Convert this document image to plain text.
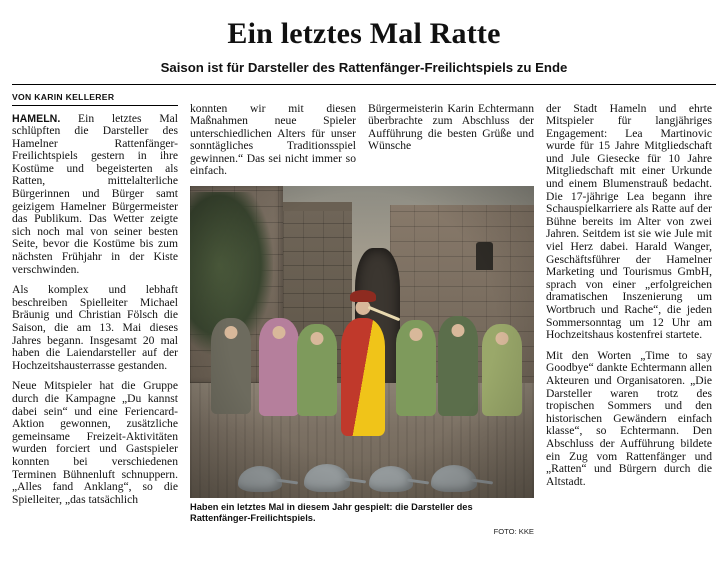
Ein letztes Mal Ratte
Saison ist für Darsteller des Rattenfänger-Freilichtspiels zu Ende
VON KARIN KELLERER

HAMELN. Ein letztes Mal schlüpften die Darsteller des Hamelner Rattenfänger-Freilichtspiels gestern in ihre Kostüme und begeisterten als Ratten, mittelalterliche Bürgerinnen und Bürger samt geizigem Hamelner Bürgermeister das Publikum. Das Wetter zeigte sich noch mal von seiner besten Seite, bevor die Kostüme bis zum nächsten Frühjahr in der Kiste verschwinden.

Als komplex und lebhaft beschreiben Spielleiter Michael Bräunig und Christian Fölsch die Saison, die am 13. Mai dieses Jahres begann. Insgesamt 20 mal haben die Laiendarsteller auf der Hochzeitshausterrasse gestanden.

Neue Mitspieler hat die Gruppe durch die Kampagne „Du kannst dabei sein“ und eine Feriencard-Aktion gewonnen, zusätzliche gemeinsame Freizeit-Aktivitäten wurden forciert und Gastspieler konnten bei verschiedenen Terminen Bühnenluft schnuppern. „Alles fand Anklang“, so die Spielleiter, „das tatsächlich

konnten wir mit diesen Maßnahmen neue Spieler unterschiedlichen Alters für unser sonntägliches Traditionsspiel gewinnen.“ Das sei nicht immer so einfach.

Bürgermeisterin Karin Echtermann überbrachte zum Abschluss der Aufführung die besten Grüße und Wünsche

Haben ein letztes Mal in diesem Jahr gespielt: die Darsteller des Rattenfänger-Freilichtspiels.
FOTO: KKE

der Stadt Hameln und ehrte Mitspieler für langjähriges Engagement: Lea Martinovic wurde für 15 Jahre Mitgliedschaft und Jule Giesecke für 10 Jahre Mitgliedschaft mit einer Urkunde und einem Blumenstrauß bedacht. Die 17-jährige Lea begann ihre Schauspielkarriere als Ratte auf der Bühne bereits im Alter von zwei Jahren. Seitdem ist sie wie Jule mit viel Herz dabei. Harald Wanger, Geschäftsführer der Hamelner Marketing und Tourismus GmbH, sprach von einer „erfolgreichen dramatischen Inszenierung um Wortbruch und Rache“, die jeden Sommersonntag um 12 Uhr am Hochzeitshaus kostenfrei startete.

Mit den Worten „Time to say Goodbye“ dankte Echtermann allen Akteuren und Organisatoren. „Die Darsteller waren trotz des tropischen Sommers und den historischen Gewändern einfach klasse“, so Echtermann. Den Abschluss der Aufführung bildete ein Zug vom Rattenfänger und „Ratten“ und Bürgern durch die Altstadt.
